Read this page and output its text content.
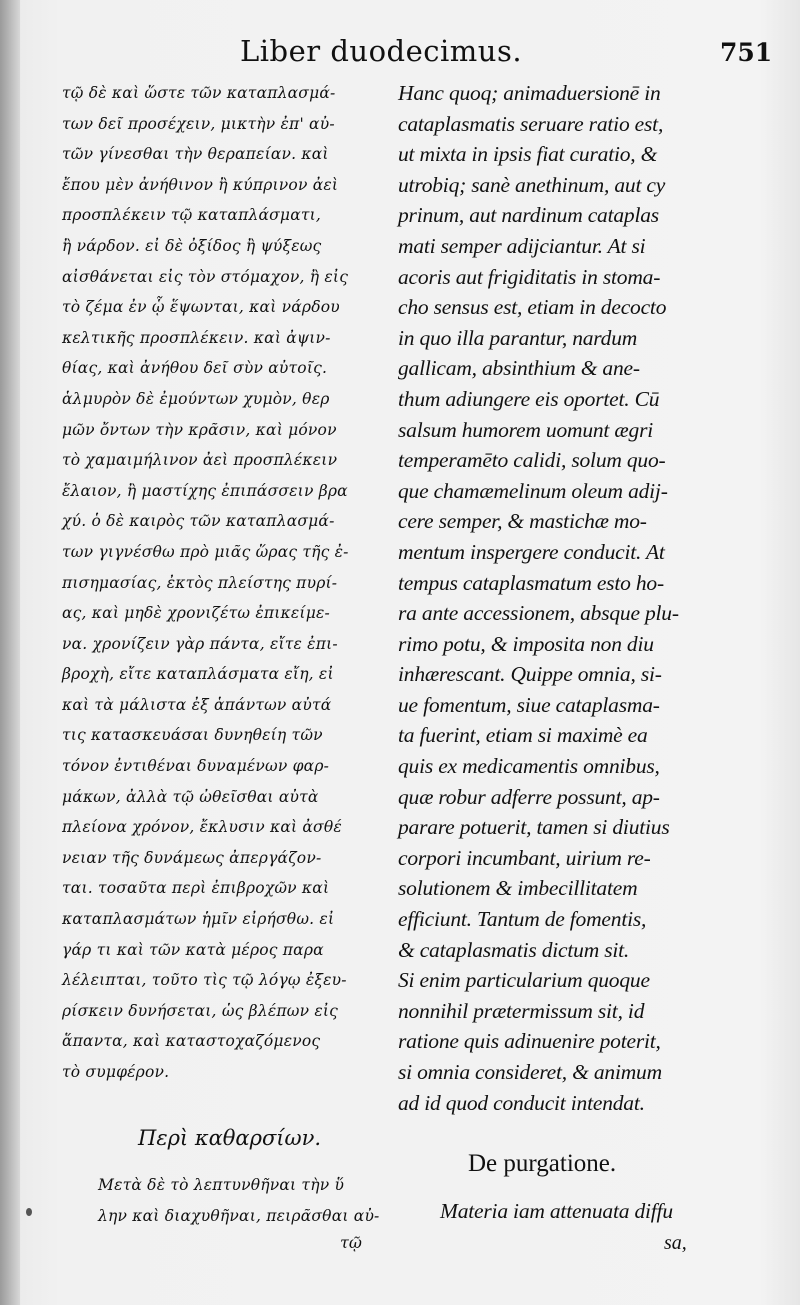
Liber duodecimus.	751
τῷ δὲ καὶ ὥστε τῶν καταπλασμά-
των δεῖ προσέχειν, μικτὴν ἐπ' αὐ-
τῶν γίνεσθαι τὴν θεραπείαν. καὶ
ἔπου μὲν ἀνήθινον ἢ κύπρινον ἀεὶ
προσπλέκειν τῷ καταπλάσματι,
ἢ νάρδον. εἰ δὲ ὀξίδος ἢ ψύξεως
αἰσθάνεται εἰς τὸν στόμαχον, ἢ εἰς
τὸ ζέμα ἐν ᾧ ἕψωνται, καὶ νάρδου
κελτικῆς προσπλέκειν. καὶ ἀψιν-
θίας, καὶ ἀνήθου δεῖ σὺν αὐτοῖς.
ἁλμυρὸν δὲ ἐμούντων χυμὸν, θερ
μῶν ὄντων τὴν κρᾶσιν, καὶ μόνον
τὸ χαμαιμήλινον ἀεὶ προσπλέκειν
ἔλαιον, ἢ μαστίχης ἐπιπάσσειν βρα
χύ. ὁ δὲ καιρὸς τῶν καταπλασμά-
των γιγνέσθω πρὸ μιᾶς ὥρας τῆς ἐ-
πισημασίας, ἐκτὸς πλείστης πυρί-
ας, καὶ μηδὲ χρονιζέτω ἐπικείμε-
να. χρονίζειν γὰρ πάντα, εἴτε ἐπι-
βροχὴ, εἴτε καταπλάσματα εἴη, εἰ
καὶ τὰ μάλιστα ἐξ ἁπάντων αὐτά
τις κατασκευάσαι δυνηθείη τῶν
τόνον ἐντιθέναι δυναμένων φαρ-
μάκων, ἀλλὰ τῷ ὠθεῖσθαι αὐτὰ
πλείονα χρόνον, ἔκλυσιν καὶ ἀσθέ
νειαν τῆς δυνάμεως ἀπεργάζον-
ται. τοσαῦτα περὶ ἐπιβροχῶν καὶ
καταπλασμάτων ἡμῖν εἰρήσθω. εἰ
γάρ τι καὶ τῶν κατὰ μέρος παρα
λέλειπται, τοῦτο τὶς τῷ λόγῳ ἐξευ-
ρίσκειν δυνήσεται, ὡς βλέπων εἰς
ἅπαντα, καὶ καταστοχαζόμενος
τὸ συμφέρον.
Hanc quoq; animaduersionē in
cataplasmatis seruare ratio est,
ut mixta in ipsis fiat curatio, &
utrobiq; sanè anethinum, aut cy
prinum, aut nardinum cataplas
mati semper adijciantur. At si
acoris aut frigiditatis in stoma-
cho sensus est, etiam in decocto
in quo illa parantur, nardum
gallicam, absinthium & ane-
thum adiungere eis oportet. Cū
salsum humorem uomunt ægri
temperamēto calidi, solum quo-
que chamæmelinum oleum adij-
cere semper, & mastichæ mo-
mentum inspergere conducit. At
tempus cataplasmatum esto ho-
ra ante accessionem, absque plu-
rimo potu, & imposita non diu
inhærescant. Quippe omnia, si-
ue fomentum, siue cataplasma-
ta fuerint, etiam si maximè ea
quis ex medicamentis omnibus,
quæ robur adferre possunt, ap-
parare potuerit, tamen si diutius
corpori incumbant, uirium re-
solutionem & imbecillitatem
efficiunt. Tantum de fomentis,
& cataplasmatis dictum sit.
Si enim particularium quoque
nonnihil prætermissum sit, id
ratione quis adinuenire poterit,
si omnia consideret, & animum
ad id quod conducit intendat.
Περὶ καθαρσίων.
De purgatione.
Μετὰ δὲ τὸ λεπτυνθῆναι τὴν ὕ
λην καὶ διαχυθῆναι, πειρᾶσθαι αὐ-	Materia iam attenuata diffu
τῷ	sa,
